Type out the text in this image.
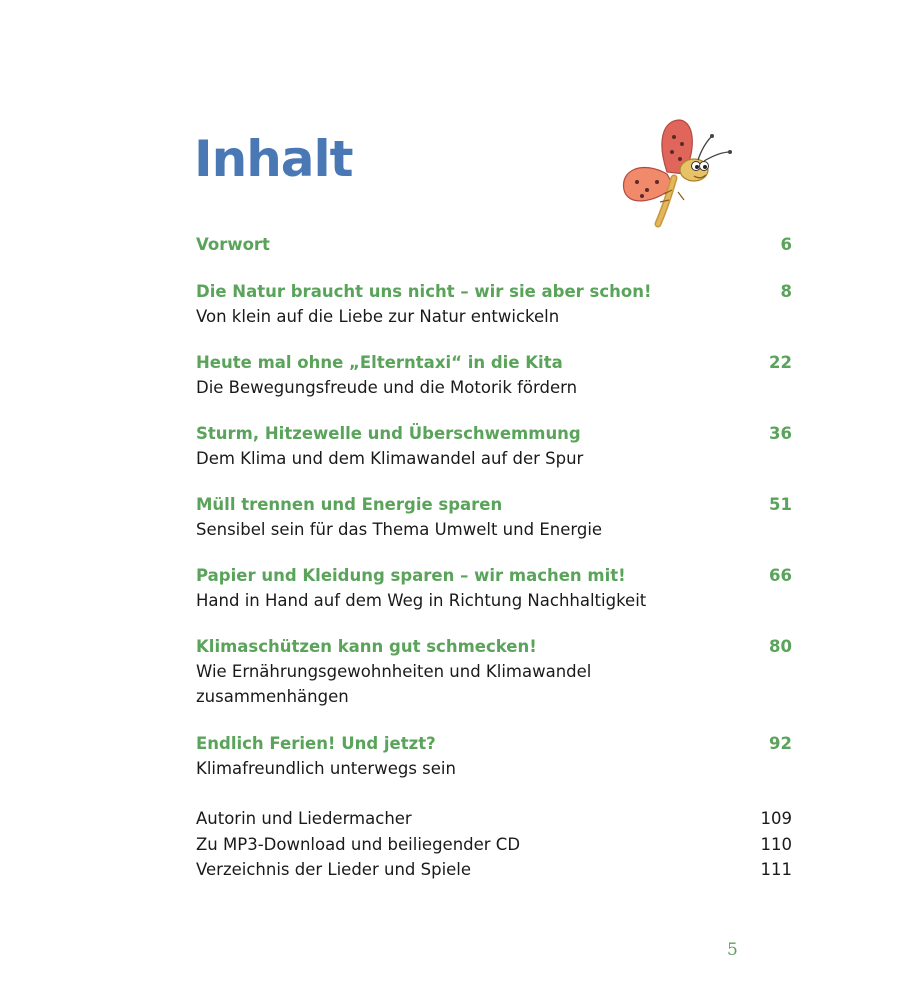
Inhalt
Vorwort	6
Die Natur braucht uns nicht – wir sie aber schon!	8
Von klein auf die Liebe zur Natur entwickeln
Heute mal ohne „Elterntaxi“ in die Kita	22
Die Bewegungsfreude und die Motorik fördern
Sturm, Hitzewelle und Überschwemmung	36
Dem Klima und dem Klimawandel auf der Spur
Müll trennen und Energie sparen	51
Sensibel sein für das Thema Umwelt und Energie
Papier und Kleidung sparen – wir machen mit!	66
Hand in Hand auf dem Weg in Richtung Nachhaltigkeit
Klimaschützen kann gut schmecken!	80
Wie Ernährungsgewohnheiten und Klimawandel
zusammenhängen
Endlich Ferien! Und jetzt?	92
Klimafreundlich unterwegs sein
Autorin und Liedermacher	109
Zu MP3-Download und beiliegender CD	110
Verzeichnis der Lieder und Spiele	111
5
